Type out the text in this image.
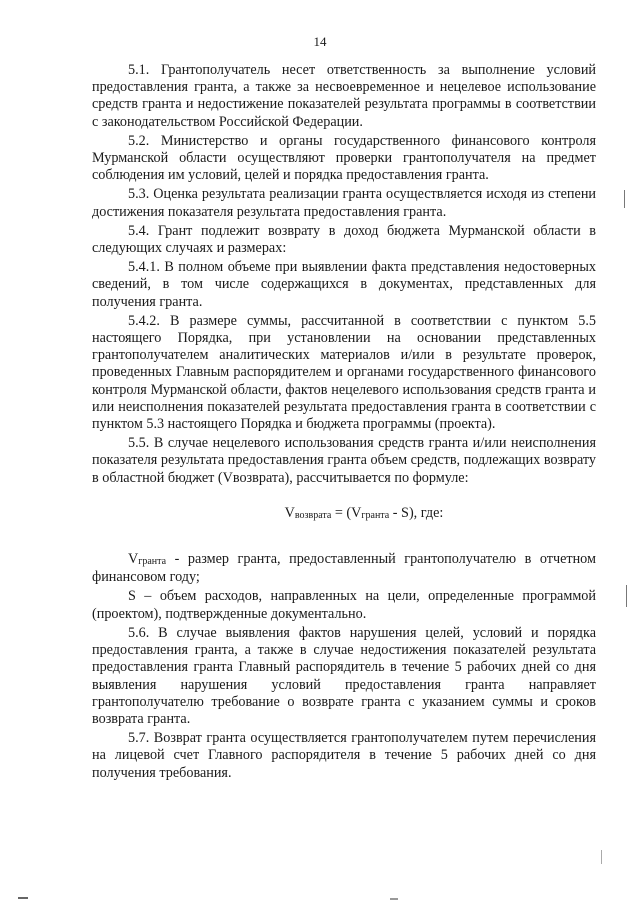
14

5.1. Грантополучатель несет ответственность за выполнение условий предоставления гранта, а также за несвоевременное и нецелевое использование средств гранта и недостижение показателей результата программы в соответствии с законодательством Российской Федерации.

5.2. Министерство и органы государственного финансового контроля Мурманской области осуществляют проверки грантополучателя на предмет соблюдения им условий, целей и порядка предоставления гранта.

5.3. Оценка результата реализации гранта осуществляется исходя из степени достижения показателя результата предоставления гранта.

5.4. Грант подлежит возврату в доход бюджета Мурманской области в следующих случаях и размерах:

5.4.1. В полном объеме при выявлении факта представления недостоверных сведений, в том числе содержащихся в документах, представленных для получения гранта.

5.4.2. В размере суммы, рассчитанной в соответствии с пунктом 5.5 настоящего Порядка, при установлении на основании представленных грантополучателем аналитических материалов и/или в результате проверок, проведенных Главным распорядителем и органами государственного финансового контроля Мурманской области, фактов нецелевого использования средств гранта и или неисполнения показателей результата предоставления гранта в соответствии с пунктом 5.3 настоящего Порядка и бюджета программы (проекта).

5.5. В случае нецелевого использования средств гранта и/или неисполнения показателя результата предоставления гранта объем средств, подлежащих возврату в областной бюджет (Vвозврата), рассчитывается по формуле:

$V_{возврата} = (V_{гранта} - S)$, где:

$V_{гранта}$ - размер гранта, предоставленный грантополучателю в отчетном финансовом году;

S – объем расходов, направленных на цели, определенные программой (проектом), подтвержденные документально.

5.6. В случае выявления фактов нарушения целей, условий и порядка предоставления гранта, а также в случае недостижения показателей результата предоставления гранта Главный распорядитель в течение 5 рабочих дней со дня выявления нарушения условий предоставления гранта направляет грантополучателю требование о возврате гранта с указанием суммы и сроков возврата гранта.

5.7. Возврат гранта осуществляется грантополучателем путем перечисления на лицевой счет Главного распорядителя в течение 5 рабочих дней со дня получения требования.
